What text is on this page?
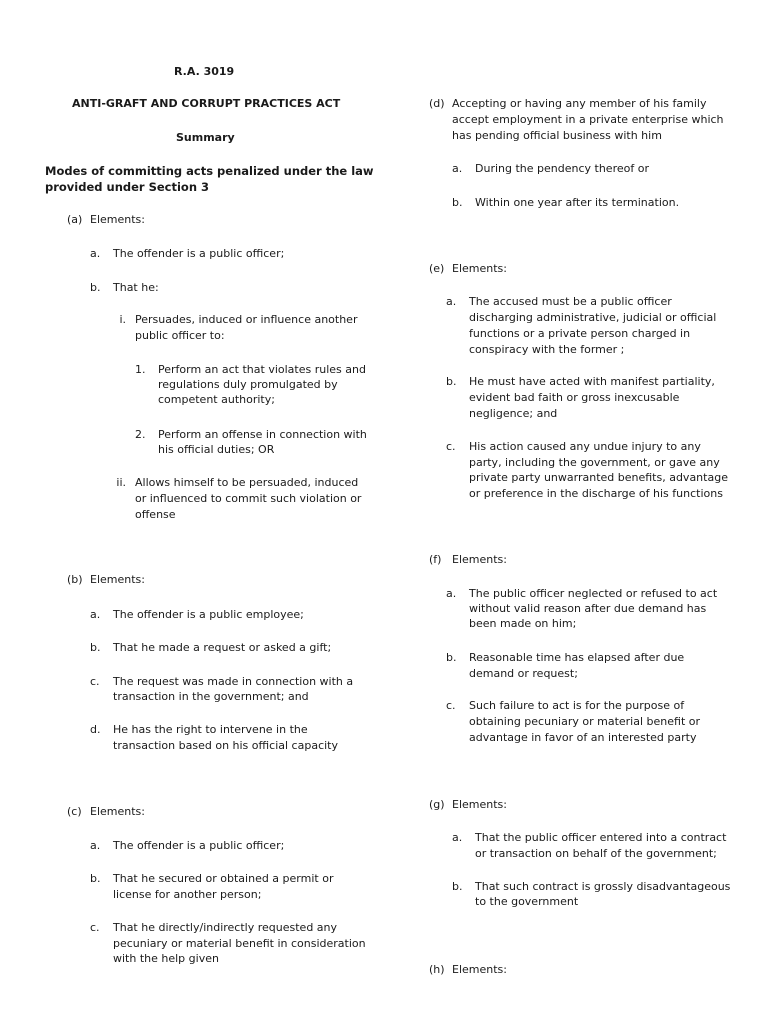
R.A. 3019
ANTI-GRAFT AND CORRUPT PRACTICES ACT
Summary
Modes of committing acts penalized under the law
provided under Section 3
(a) Elements:
a. The offender is a public officer;
b. That he:
i. Persuades, induced or influence another
public officer to:
1. Perform an act that violates rules and
regulations duly promulgated by
competent authority;
2. Perform an offense in connection with
his official duties; OR
ii. Allows himself to be persuaded, induced
or influenced to commit such violation or
offense
(b) Elements:
a. The offender is a public employee;
b. That he made a request or asked a gift;
c. The request was made in connection with a
transaction in the government; and
d. He has the right to intervene in the
transaction based on his official capacity
(c) Elements:
a. The offender is a public officer;
b. That he secured or obtained a permit or
license for another person;
c. That he directly/indirectly requested any
pecuniary or material benefit in consideration
with the help given
(d) Accepting or having any member of his family
accept employment in a private enterprise which
has pending official business with him
a. During the pendency thereof or
b. Within one year after its termination.
(e) Elements:
a. The accused must be a public officer
discharging administrative, judicial or official
functions or a private person charged in
conspiracy with the former ;
b. He must have acted with manifest partiality,
evident bad faith or gross inexcusable
negligence; and
c. His action caused any undue injury to any
party, including the government, or gave any
private party unwarranted benefits, advantage
or preference in the discharge of his functions
(f) Elements:
a. The public officer neglected or refused to act
without valid reason after due demand has
been made on him;
b. Reasonable time has elapsed after due
demand or request;
c. Such failure to act is for the purpose of
obtaining pecuniary or material benefit or
advantage in favor of an interested party
(g) Elements:
a. That the public officer entered into a contract
or transaction on behalf of the government;
b. That such contract is grossly disadvantageous
to the government
(h) Elements:
